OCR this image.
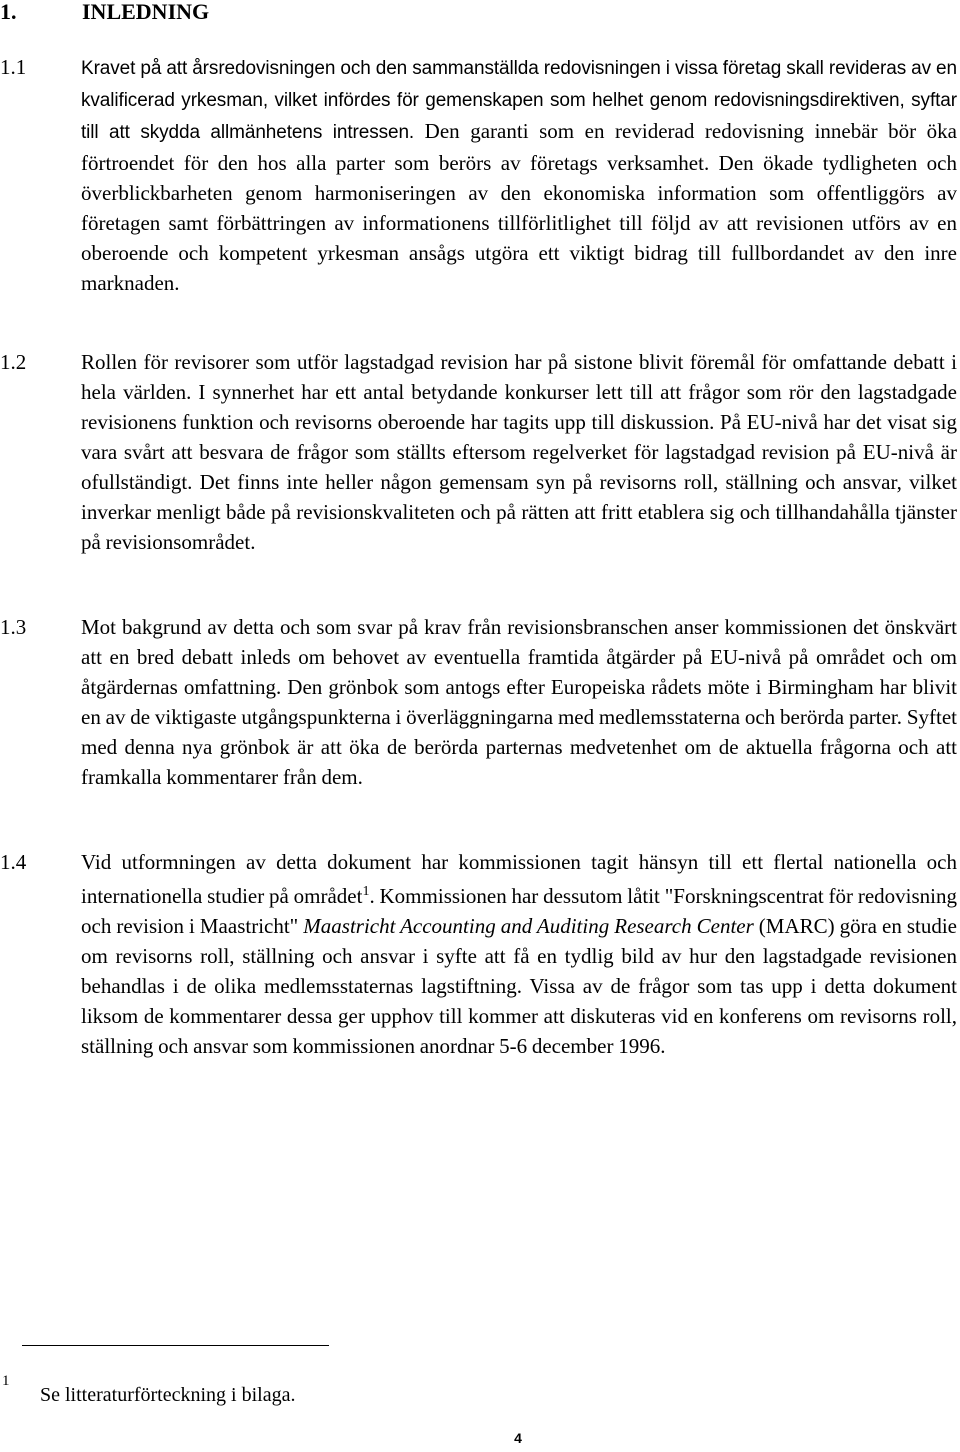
1.	INLEDNING
1.1	Kravet på att årsredovisningen och den sammanställda redovisningen i vissa företag skall revideras av en kvalificerad yrkesman, vilket infördes för gemenskapen som helhet genom redovisningsdirektiven, syftar till att skydda allmänhetens intressen. Den garanti som en reviderad redovisning innebär bör öka förtroendet för den hos alla parter som berörs av företags verksamhet. Den ökade tydligheten och överblickbarheten genom harmoniseringen av den ekonomiska information som offentliggörs av företagen samt förbättringen av informationens tillförlitlighet till följd av att revisionen utförs av en oberoende och kompetent yrkesman ansågs utgöra ett viktigt bidrag till fullbordandet av den inre marknaden.
1.2	Rollen för revisorer som utför lagstadgad revision har på sistone blivit föremål för omfattande debatt i hela världen. I synnerhet har ett antal betydande konkurser lett till att frågor som rör den lagstadgade revisionens funktion och revisorns oberoende har tagits upp till diskussion. På EU-nivå har det visat sig vara svårt att besvara de frågor som ställts eftersom regelverket för lagstadgad revision på EU-nivå är ofullständigt. Det finns inte heller någon gemensam syn på revisorns roll, ställning och ansvar, vilket inverkar menligt både på revisionskvaliteten och på rätten att fritt etablera sig och tillhandahålla tjänster på revisionsområdet.
1.3	Mot bakgrund av detta och som svar på krav från revisionsbranschen anser kommissionen det önskvärt att en bred debatt inleds om behovet av eventuella framtida åtgärder på EU-nivå på området och om åtgärdernas omfattning. Den grönbok som antogs efter Europeiska rådets möte i Birmingham har blivit en av de viktigaste utgångspunkterna i överläggningarna med medlemsstaterna och berörda parter. Syftet med denna nya grönbok är att öka de berörda parternas medvetenhet om de aktuella frågorna och att framkalla kommentarer från dem.
1.4	Vid utformningen av detta dokument har kommissionen tagit hänsyn till ett flertal nationella och internationella studier på området$^1$. Kommissionen har dessutom låtit "Forskningscentrat för redovisning och revision i Maastricht" Maastricht Accounting and Auditing Research Center (MARC) göra en studie om revisorns roll, ställning och ansvar i syfte att få en tydlig bild av hur den lagstadgade revisionen behandlas i de olika medlemsstaternas lagstiftning. Vissa av de frågor som tas upp i detta dokument liksom de kommentarer dessa ger upphov till kommer att diskuteras vid en konferens om revisorns roll, ställning och ansvar som kommissionen anordnar 5-6 december 1996.
1
Se litteraturförteckning i bilaga.
4
